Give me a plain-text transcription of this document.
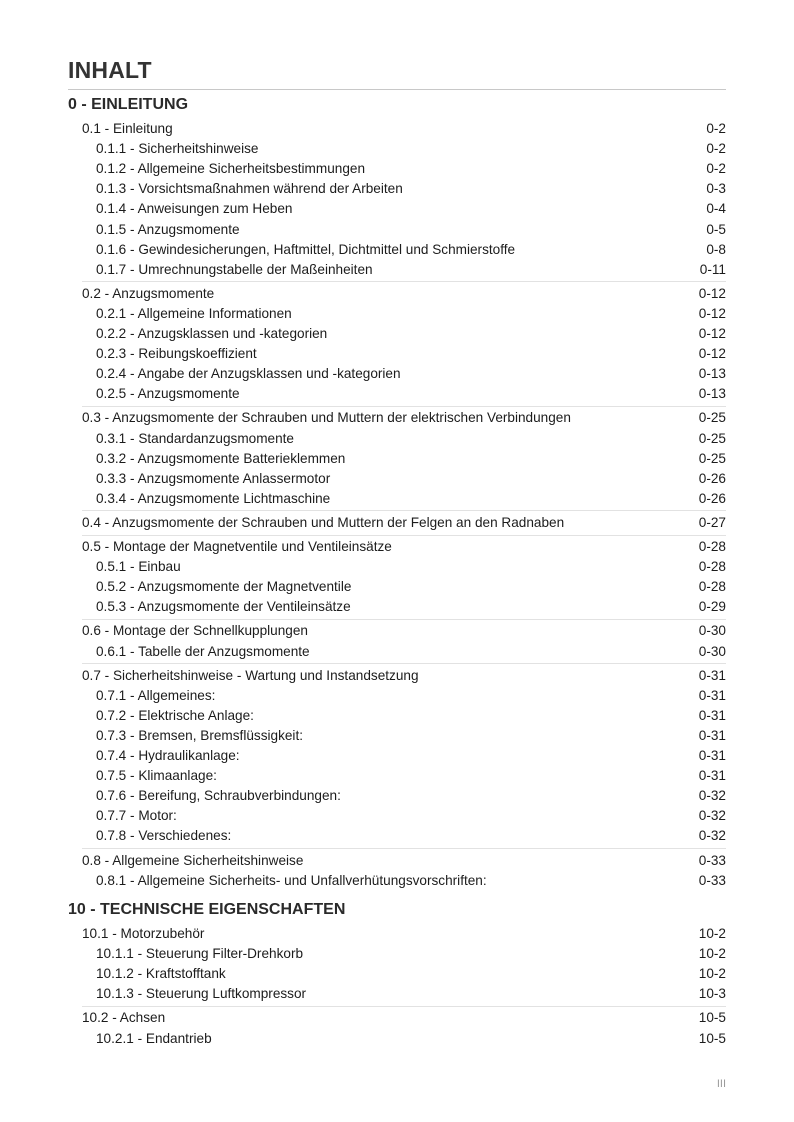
INHALT
0 - EINLEITUNG
0.1 - Einleitung	0-2
0.1.1 - Sicherheitshinweise	0-2
0.1.2 - Allgemeine Sicherheitsbestimmungen	0-2
0.1.3 - Vorsichtsmaßnahmen während der Arbeiten	0-3
0.1.4 - Anweisungen zum Heben	0-4
0.1.5 - Anzugsmomente	0-5
0.1.6 - Gewindesicherungen, Haftmittel, Dichtmittel und Schmierstoffe	0-8
0.1.7 - Umrechnungstabelle der Maßeinheiten	0-11
0.2 - Anzugsmomente	0-12
0.2.1 - Allgemeine Informationen	0-12
0.2.2 - Anzugsklassen und -kategorien	0-12
0.2.3 - Reibungskoeffizient	0-12
0.2.4 - Angabe der Anzugsklassen und -kategorien	0-13
0.2.5 - Anzugsmomente	0-13
0.3 - Anzugsmomente der Schrauben und Muttern der elektrischen Verbindungen	0-25
0.3.1 - Standardanzugsmomente	0-25
0.3.2 - Anzugsmomente Batterieklemmen	0-25
0.3.3 - Anzugsmomente Anlassermotor	0-26
0.3.4 - Anzugsmomente Lichtmaschine	0-26
0.4 - Anzugsmomente der Schrauben und Muttern der Felgen an den Radnaben	0-27
0.5 - Montage der Magnetventile und Ventileinsätze	0-28
0.5.1 - Einbau	0-28
0.5.2 - Anzugsmomente der Magnetventile	0-28
0.5.3 - Anzugsmomente der Ventileinsätze	0-29
0.6 - Montage der Schnellkupplungen	0-30
0.6.1 - Tabelle der Anzugsmomente	0-30
0.7 - Sicherheitshinweise - Wartung und Instandsetzung	0-31
0.7.1 - Allgemeines:	0-31
0.7.2 - Elektrische Anlage:	0-31
0.7.3 - Bremsen, Bremsflüssigkeit:	0-31
0.7.4 - Hydraulikanlage:	0-31
0.7.5 - Klimaanlage:	0-31
0.7.6 - Bereifung, Schraubverbindungen:	0-32
0.7.7 - Motor:	0-32
0.7.8 - Verschiedenes:	0-32
0.8 - Allgemeine Sicherheitshinweise	0-33
0.8.1 - Allgemeine Sicherheits- und Unfallverhütungsvorschriften:	0-33
10 - TECHNISCHE EIGENSCHAFTEN
10.1 - Motorzubehör	10-2
10.1.1 - Steuerung Filter-Drehkorb	10-2
10.1.2 - Kraftstofftank	10-2
10.1.3 - Steuerung Luftkompressor	10-3
10.2 - Achsen	10-5
10.2.1 - Endantrieb	10-5
III
